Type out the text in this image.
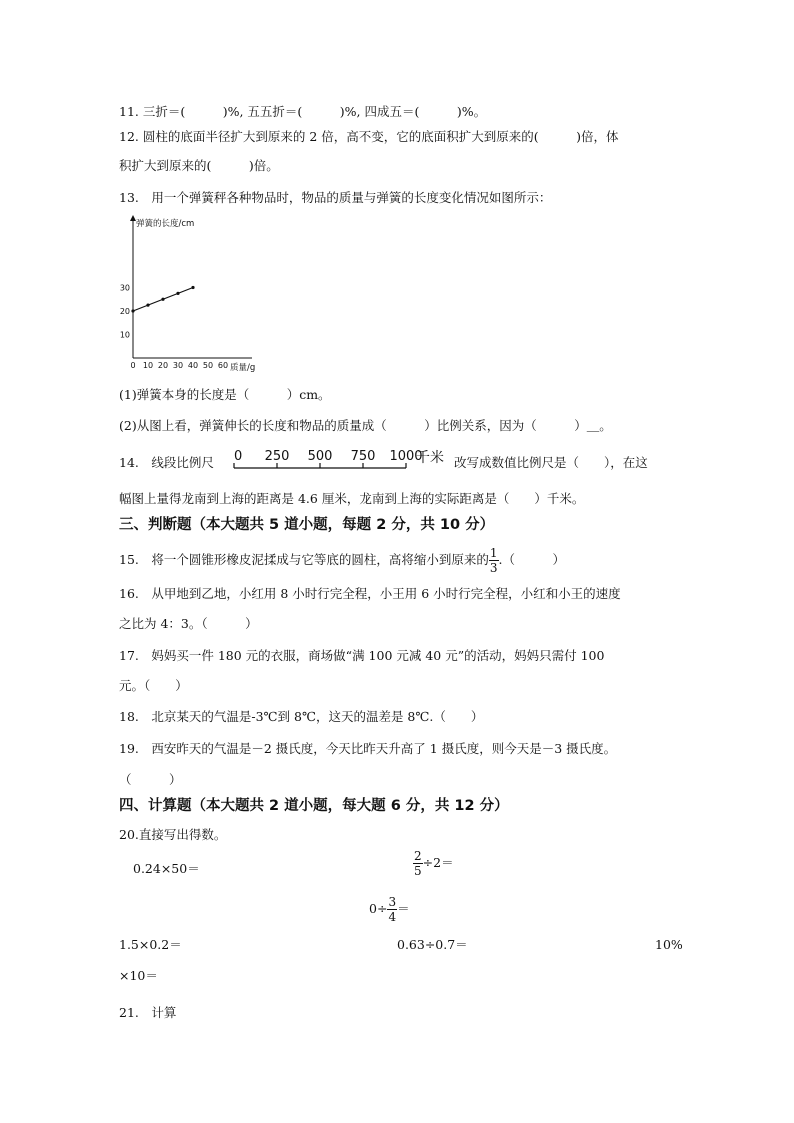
11. 三折＝(　　　)%, 五五折＝(　　　)%, 四成五＝(　　　)%。
12. 圆柱的底面半径扩大到原来的 2 倍，高不变，它的底面积扩大到原来的(　　　)倍，体
积扩大到原来的(　　　)倍。
13.　用一个弹簧秤各种物品时，物品的质量与弹簧的长度变化情况如图所示：
0 10 20 30 40 50 60
10
20
30
弹簧的长度/cm
质量/g
(1)弹簧本身的长度是（　　　）cm。
(2)从图上看，弹簧伸长的长度和物品的质量成（　　　）比例关系，因为（　　　）＿。
14.　线段比例尺 0 250 500 750 1000
千米 改写成数值比例尺是（　　），在这
幅图上量得龙南到上海的距离是 4.6 厘米，龙南到上海的实际距离是（　　）千米。
三、判断题（本大题共 5 道小题，每题 2 分，共 10 分）
15.　将一个圆锥形橡皮泥揉成与它等底的圆柱，高将缩小到原来的 $\frac{1}{3}$ .（　　　）
16.　从甲地到乙地，小红用 8 小时行完全程，小王用 6 小时行完全程，小红和小王的速度
之比为 4：3。（　　　）
17.　妈妈买一件 180 元的衣服，商场做“满 100 元减 40 元”的活动，妈妈只需付 100
元。（　　）
18.　北京某天的气温是-3℃到 8℃，这天的温差是 8℃.（　　）
19.　西安昨天的气温是－2 摄氏度，今天比昨天升高了 1 摄氏度，则今天是－3 摄氏度。
（　　　）
四、计算题（本大题共 2 道小题，每大题 6 分，共 12 分）
20.直接写出得数。
0.24×50＝	$\frac{2}{5} \div 2=$
$0\div \frac{3}{4}$ ＝
1.5×0.2＝	0.63÷0.7＝	10%
×10＝
21.　计算
